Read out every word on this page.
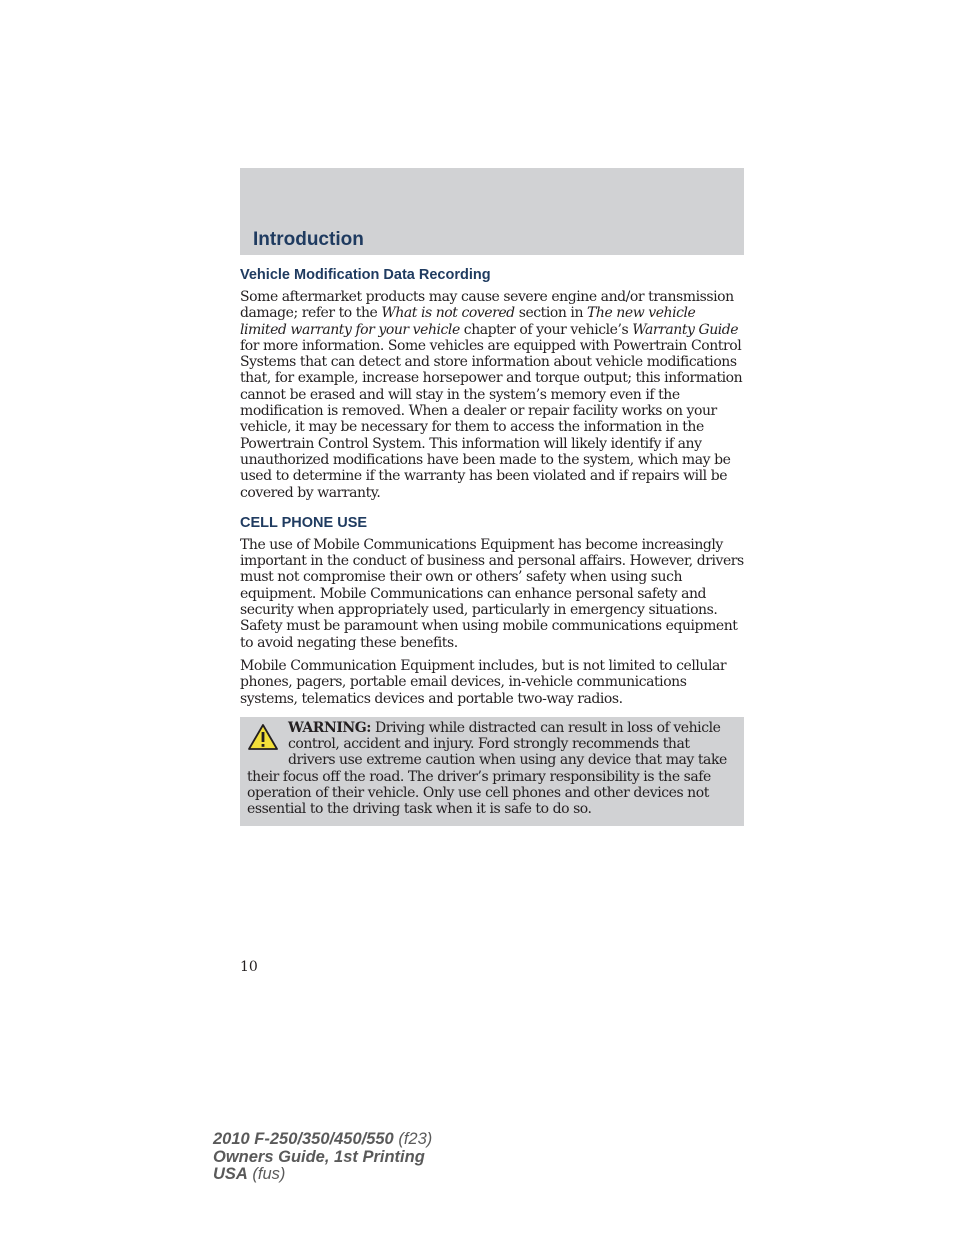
Introduction
Vehicle Modification Data Recording

Some aftermarket products may cause severe engine and/or transmission damage; refer to the What is not covered section in The new vehicle limited warranty for your vehicle chapter of your vehicle’s Warranty Guide for more information. Some vehicles are equipped with Powertrain Control Systems that can detect and store information about vehicle modifications that, for example, increase horsepower and torque output; this information cannot be erased and will stay in the system’s memory even if the modification is removed. When a dealer or repair facility works on your vehicle, it may be necessary for them to access the information in the Powertrain Control System. This information will likely identify if any unauthorized modifications have been made to the system, which may be used to determine if the warranty has been violated and if repairs will be covered by warranty.

CELL PHONE USE

The use of Mobile Communications Equipment has become increasingly important in the conduct of business and personal affairs. However, drivers must not compromise their own or others’ safety when using such equipment. Mobile Communications can enhance personal safety and security when appropriately used, particularly in emergency situations. Safety must be paramount when using mobile communications equipment to avoid negating these benefits.

Mobile Communication Equipment includes, but is not limited to cellular phones, pagers, portable email devices, in-vehicle communications systems, telematics devices and portable two-way radios.

WARNING: Driving while distracted can result in loss of vehicle control, accident and injury. Ford strongly recommends that drivers use extreme caution when using any device that may take their focus off the road. The driver’s primary responsibility is the safe operation of their vehicle. Only use cell phones and other devices not essential to the driving task when it is safe to do so.

10
2010 F-250/350/450/550 (f23)
Owners Guide, 1st Printing
USA (fus)
